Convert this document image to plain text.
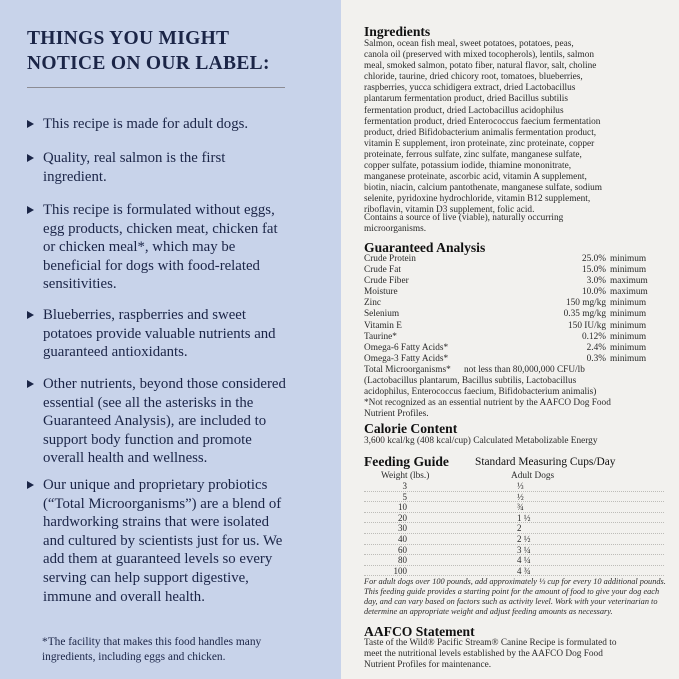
THINGS YOU MIGHT
NOTICE ON OUR LABEL:
This recipe is made for adult dogs.
Quality, real salmon is the first
ingredient.
This recipe is formulated without eggs,
egg products, chicken meat, chicken fat
or chicken meal*, which may be
beneficial for dogs with food-related
sensitivities.
Blueberries, raspberries and sweet
potatoes provide valuable nutrients and
guaranteed antioxidants.
Other nutrients, beyond those considered
essential (see all the asterisks in the
Guaranteed Analysis), are included to
support body function and promote
overall health and wellness.
Our unique and proprietary probiotics
(“Total Microorganisms”) are a blend of
hardworking strains that were isolated
and cultured by scientists just for us. We
add them at guaranteed levels so every
serving can help support digestive,
immune and overall health.
*The facility that makes this food handles many
ingredients, including eggs and chicken.
Ingredients
Salmon, ocean fish meal, sweet potatoes, potatoes, peas,
canola oil (preserved with mixed tocopherols), lentils, salmon
meal, smoked salmon, potato fiber, natural flavor, salt, choline
chloride, taurine, dried chicory root, tomatoes, blueberries,
raspberries, yucca schidigera extract, dried Lactobacillus
plantarum fermentation product, dried Bacillus subtilis
fermentation product, dried Lactobacillus acidophilus
fermentation product, dried Enterococcus faecium fermentation
product, dried Bifidobacterium animalis fermentation product,
vitamin E supplement, iron proteinate, zinc proteinate, copper
proteinate, ferrous sulfate, zinc sulfate, manganese sulfate,
copper sulfate, potassium iodide, thiamine mononitrate,
manganese proteinate, ascorbic acid, vitamin A supplement,
biotin, niacin, calcium pantothenate, manganese sulfate, sodium
selenite, pyridoxine hydrochloride, vitamin B12 supplement,
riboflavin, vitamin D3 supplement, folic acid.
Contains a source of live (viable), naturally occurring
microorganisms.
Guaranteed Analysis
Crude Protein	25.0% minimum
Crude Fat	15.0% minimum
Crude Fiber	3.0% maximum
Moisture	10.0% maximum
Zinc	150 mg/kg minimum
Selenium	0.35 mg/kg minimum
Vitamin E	150 IU/kg minimum
Taurine*	0.12% minimum
Omega-6 Fatty Acids*	2.4% minimum
Omega-3 Fatty Acids*	0.3% minimum
Total Microorganisms* not less than 80,000,000 CFU/lb
(Lactobacillus plantarum, Bacillus subtilis, Lactobacillus
acidophilus, Enterococcus faecium, Bifidobacterium animalis)
*Not recognized as an essential nutrient by the AAFCO Dog Food
Nutrient Profiles.
Calorie Content
3,600 kcal/kg (408 kcal/cup) Calculated Metabolizable Energy
Feeding Guide Standard Measuring Cups/Day
Weight (lbs.)	Adult Dogs
3	⅓
5	½
10	¾
20	1 ½
30	2
40	2 ½
60	3 ¼
80	4 ¼
100	4 ¾
For adult dogs over 100 pounds, add approximately ⅓ cup for every 10 additional pounds.
This feeding guide provides a starting point for the amount of food to give your dog each
day, and can vary based on factors such as activity level. Work with your veterinarian to
determine an appropriate weight and adjust feeding amounts as necessary.
AAFCO Statement
Taste of the Wild® Pacific Stream® Canine Recipe is formulated to
meet the nutritional levels established by the AAFCO Dog Food
Nutrient Profiles for maintenance.
